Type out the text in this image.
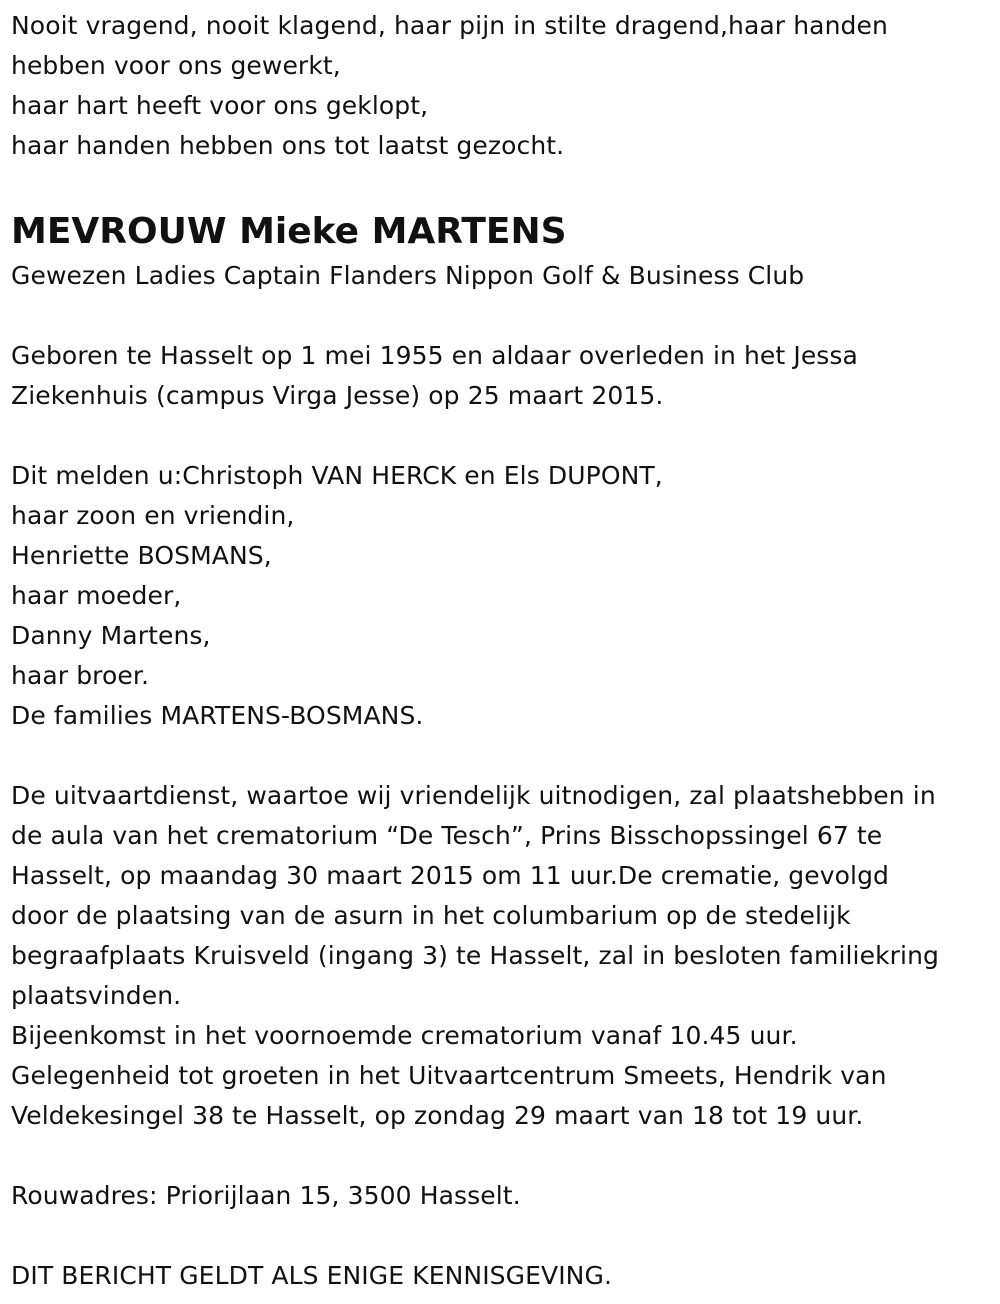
Nooit vragend, nooit klagend, haar pijn in stilte dragend,haar handen
hebben voor ons gewerkt,
haar hart heeft voor ons geklopt,
haar handen hebben ons tot laatst gezocht.
MEVROUW Mieke MARTENS
Gewezen Ladies Captain Flanders Nippon Golf & Business Club
Geboren te Hasselt op 1 mei 1955 en aldaar overleden in het Jessa
Ziekenhuis (campus Virga Jesse) op 25 maart 2015.
Dit melden u:Christoph VAN HERCK en Els DUPONT,
haar zoon en vriendin,
Henriette BOSMANS,
haar moeder,
Danny Martens,
haar broer.
De families MARTENS-BOSMANS.
De uitvaartdienst, waartoe wij vriendelijk uitnodigen, zal plaatshebben in
de aula van het crematorium “De Tesch”, Prins Bisschopssingel 67 te
Hasselt, op maandag 30 maart 2015 om 11 uur.De crematie, gevolgd
door de plaatsing van de asurn in het columbarium op de stedelijk
begraafplaats Kruisveld (ingang 3) te Hasselt, zal in besloten familiekring
plaatsvinden.
Bijeenkomst in het voornoemde crematorium vanaf 10.45 uur.
Gelegenheid tot groeten in het Uitvaartcentrum Smeets, Hendrik van
Veldekesingel 38 te Hasselt, op zondag 29 maart van 18 tot 19 uur.
Rouwadres: Priorijlaan 15, 3500 Hasselt.
DIT BERICHT GELDT ALS ENIGE KENNISGEVING.
